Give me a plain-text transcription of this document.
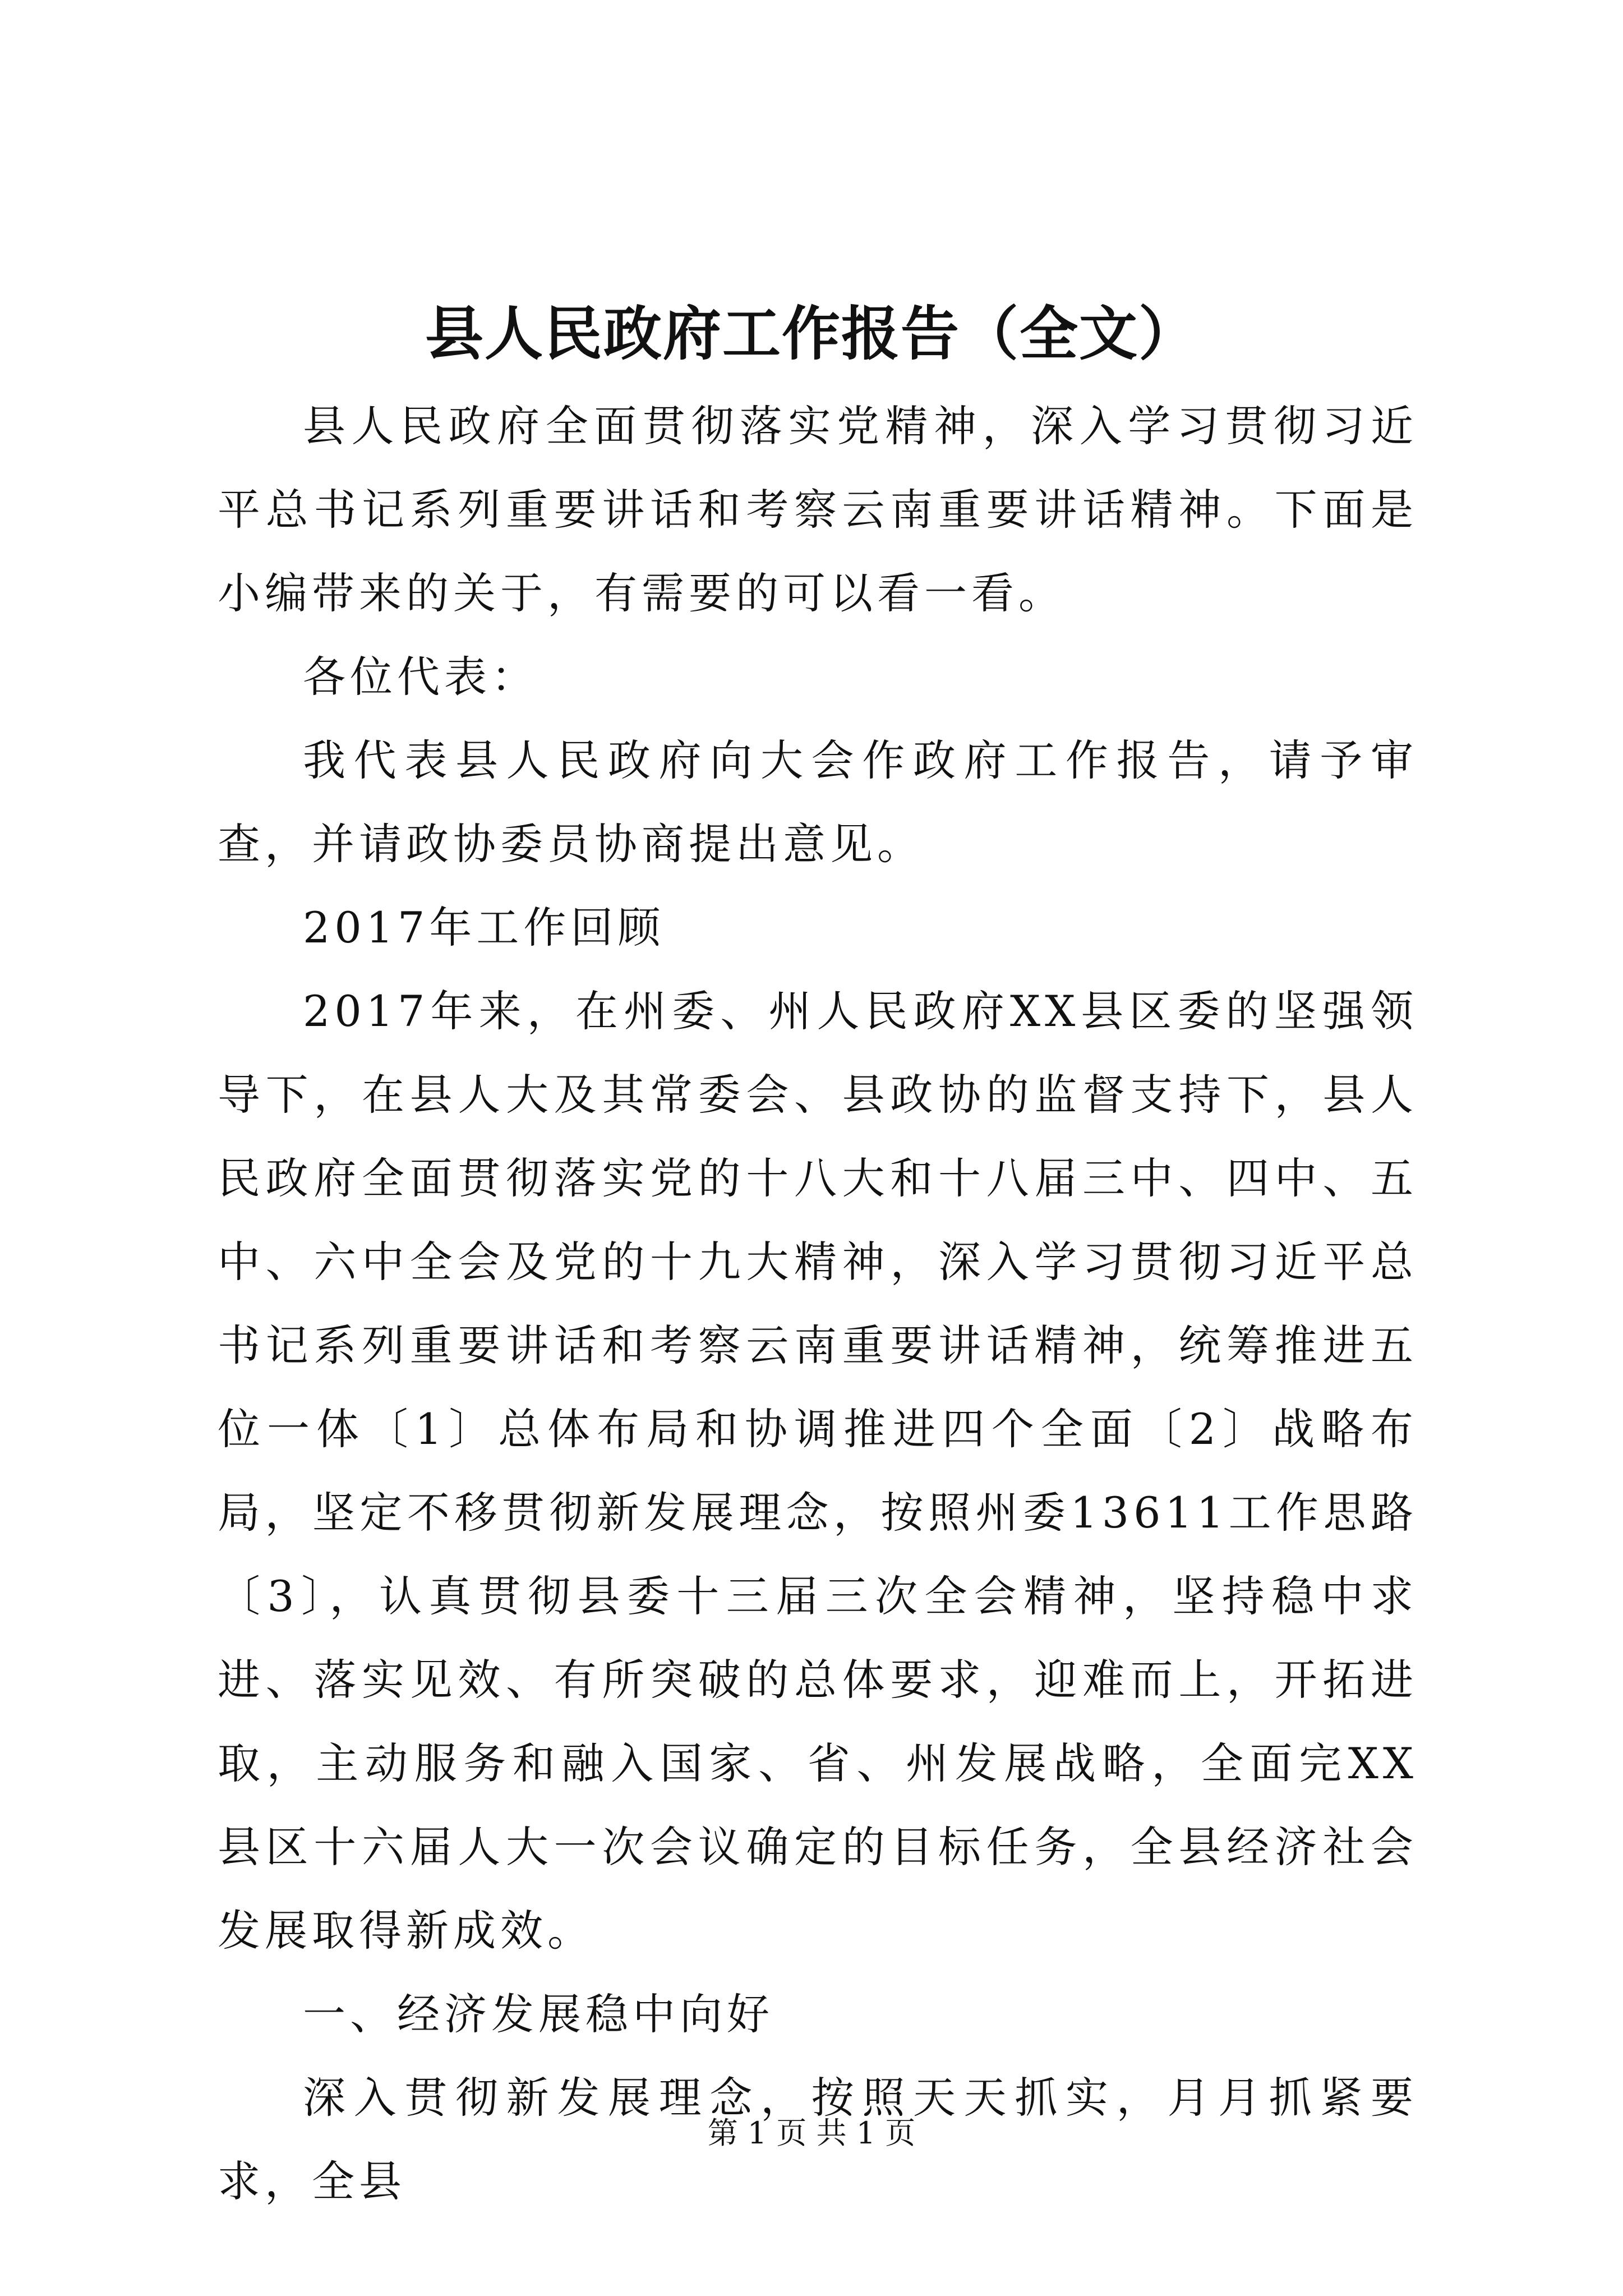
县人民政府工作报告（全文）

县人民政府全面贯彻落实党精神，深入学习贯彻习近平总书记系列重要讲话和考察云南重要讲话精神。下面是小编带来的关于，有需要的可以看一看。

各位代表：

我代表县人民政府向大会作政府工作报告，请予审查，并请政协委员协商提出意见。

2017年工作回顾

2017年来，在州委、州人民政府XX县区委的坚强领导下，在县人大及其常委会、县政协的监督支持下，县人民政府全面贯彻落实党的十八大和十八届三中、四中、五中、六中全会及党的十九大精神，深入学习贯彻习近平总书记系列重要讲话和考察云南重要讲话精神，统筹推进五位一体〔1〕总体布局和协调推进四个全面〔2〕战略布局，坚定不移贯彻新发展理念，按照州委13611工作思路〔3〕，认真贯彻县委十三届三次全会精神，坚持稳中求进、落实见效、有所突破的总体要求，迎难而上，开拓进取，主动服务和融入国家、省、州发展战略，全面完XX县区十六届人大一次会议确定的目标任务，全县经济社会发展取得新成效。

一、经济发展稳中向好

深入贯彻新发展理念，按照天天抓实，月月抓紧要求，全县

第 1 页 共 1 页
